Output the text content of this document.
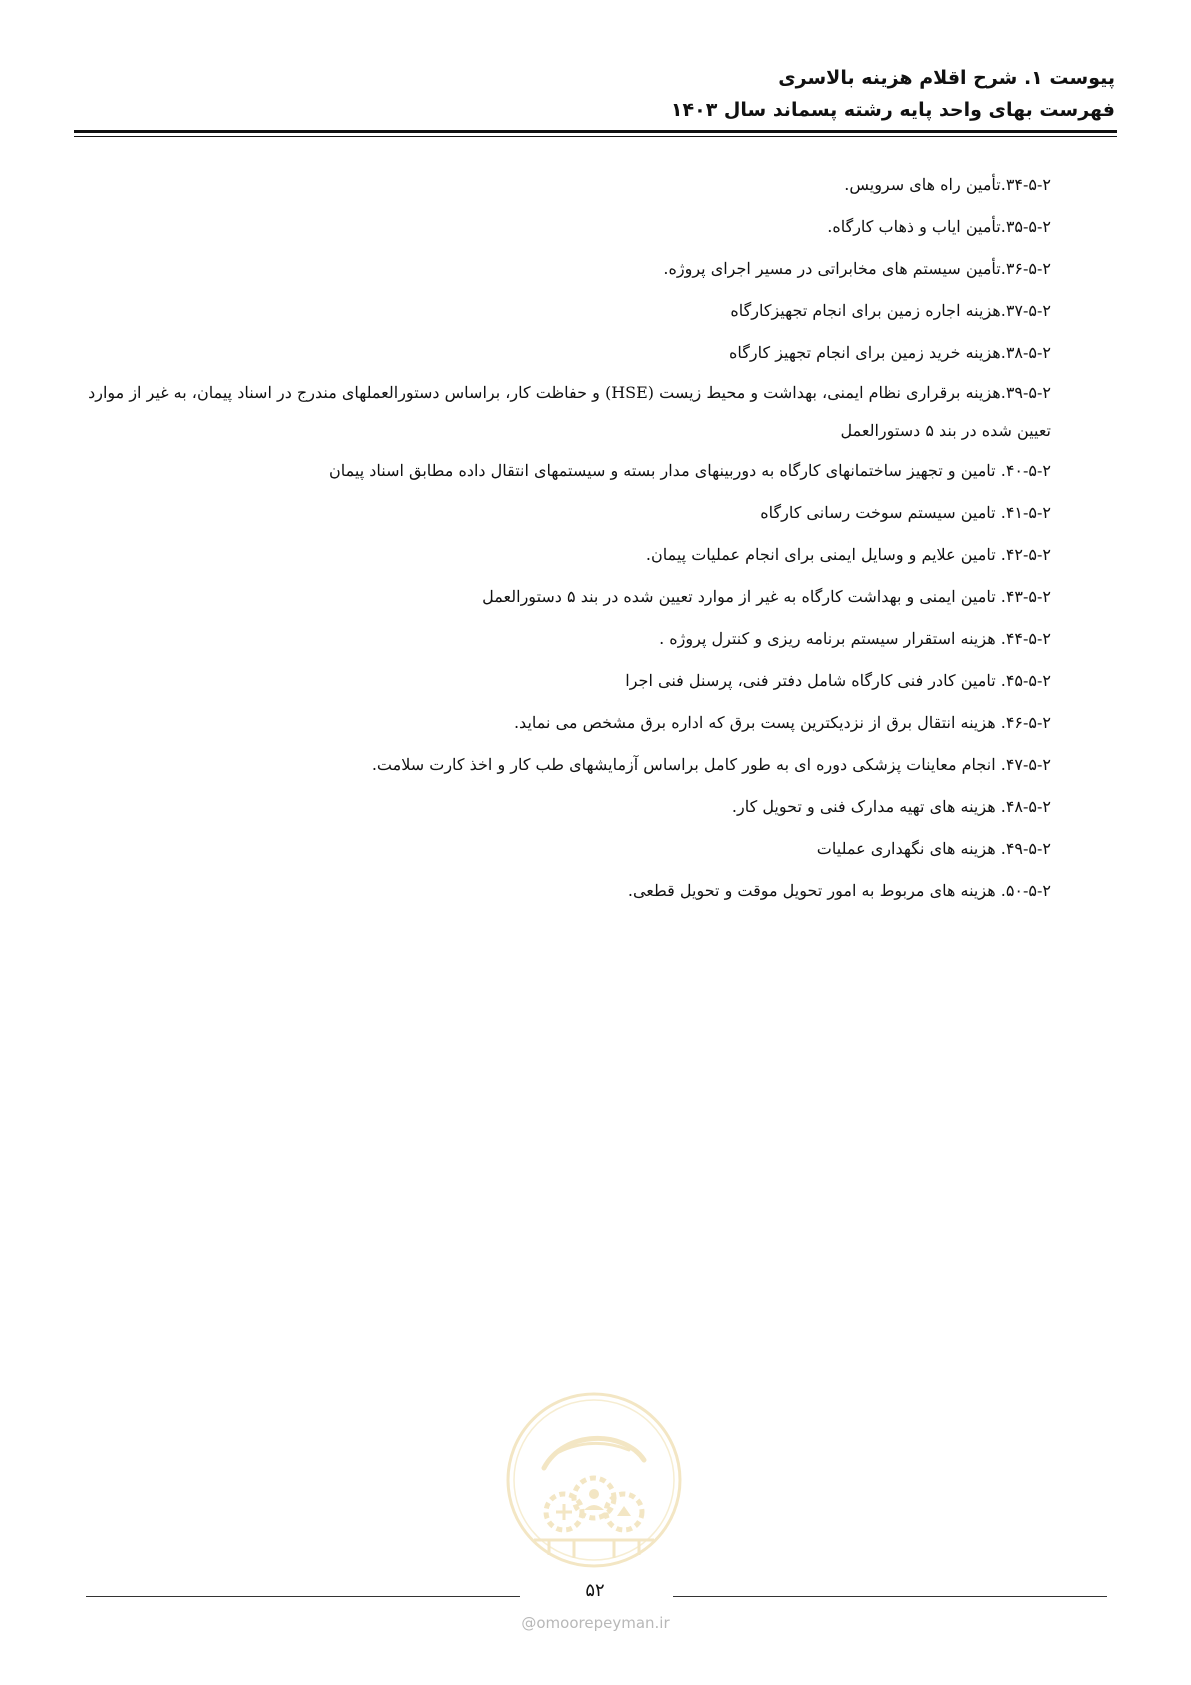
پیوست ۱. شرح اقلام هزینه بالاسری
فهرست بهای واحد پایه رشته پسماند سال ۱۴۰۳
۳۴-۵-۲.تأمین راه های سرویس.
۳۵-۵-۲.تأمین ایاب و ذهاب کارگاه.
۳۶-۵-۲.تأمین سیستم های مخابراتی در مسیر اجرای پروژه.
۳۷-۵-۲.هزینه اجاره زمین برای انجام تجهیزکارگاه
۳۸-۵-۲.هزینه خرید زمین برای انجام تجهیز کارگاه
۳۹-۵-۲.هزینه برقراری نظام ایمنی، بهداشت و محیط زیست (HSE) و حفاظت کار، براساس دستورالعملهای مندرج در اسناد پیمان، به غیر از موارد تعیین شده در بند ۵ دستورالعمل
۴۰-۵-۲. تامین و تجهیز ساختمانهای کارگاه به دوربینهای مدار بسته و سیستمهای انتقال داده مطابق اسناد پیمان
۴۱-۵-۲. تامین سیستم سوخت رسانی کارگاه
۴۲-۵-۲. تامین علایم و وسایل ایمنی برای انجام عملیات پیمان.
۴۳-۵-۲. تامین ایمنی و بهداشت کارگاه به غیر از موارد تعیین شده در بند ۵ دستورالعمل
۴۴-۵-۲. هزینه استقرار سیستم برنامه ریزی و کنترل پروژه .
۴۵-۵-۲. تامین کادر فنی کارگاه شامل دفتر فنی، پرسنل فنی اجرا
۴۶-۵-۲. هزینه انتقال برق از نزدیکترین پست برق که اداره برق مشخص می نماید.
۴۷-۵-۲. انجام معاینات پزشکی دوره ای به طور کامل براساس آزمایشهای طب کار و اخذ کارت سلامت.
۴۸-۵-۲. هزینه های تهیه مدارک فنی و تحویل کار.
۴۹-۵-۲. هزینه های نگهداری عملیات
۵۰-۵-۲. هزینه های مربوط به امور تحویل موقت و تحویل قطعی.
۵۲
@omoorepeyman.ir
